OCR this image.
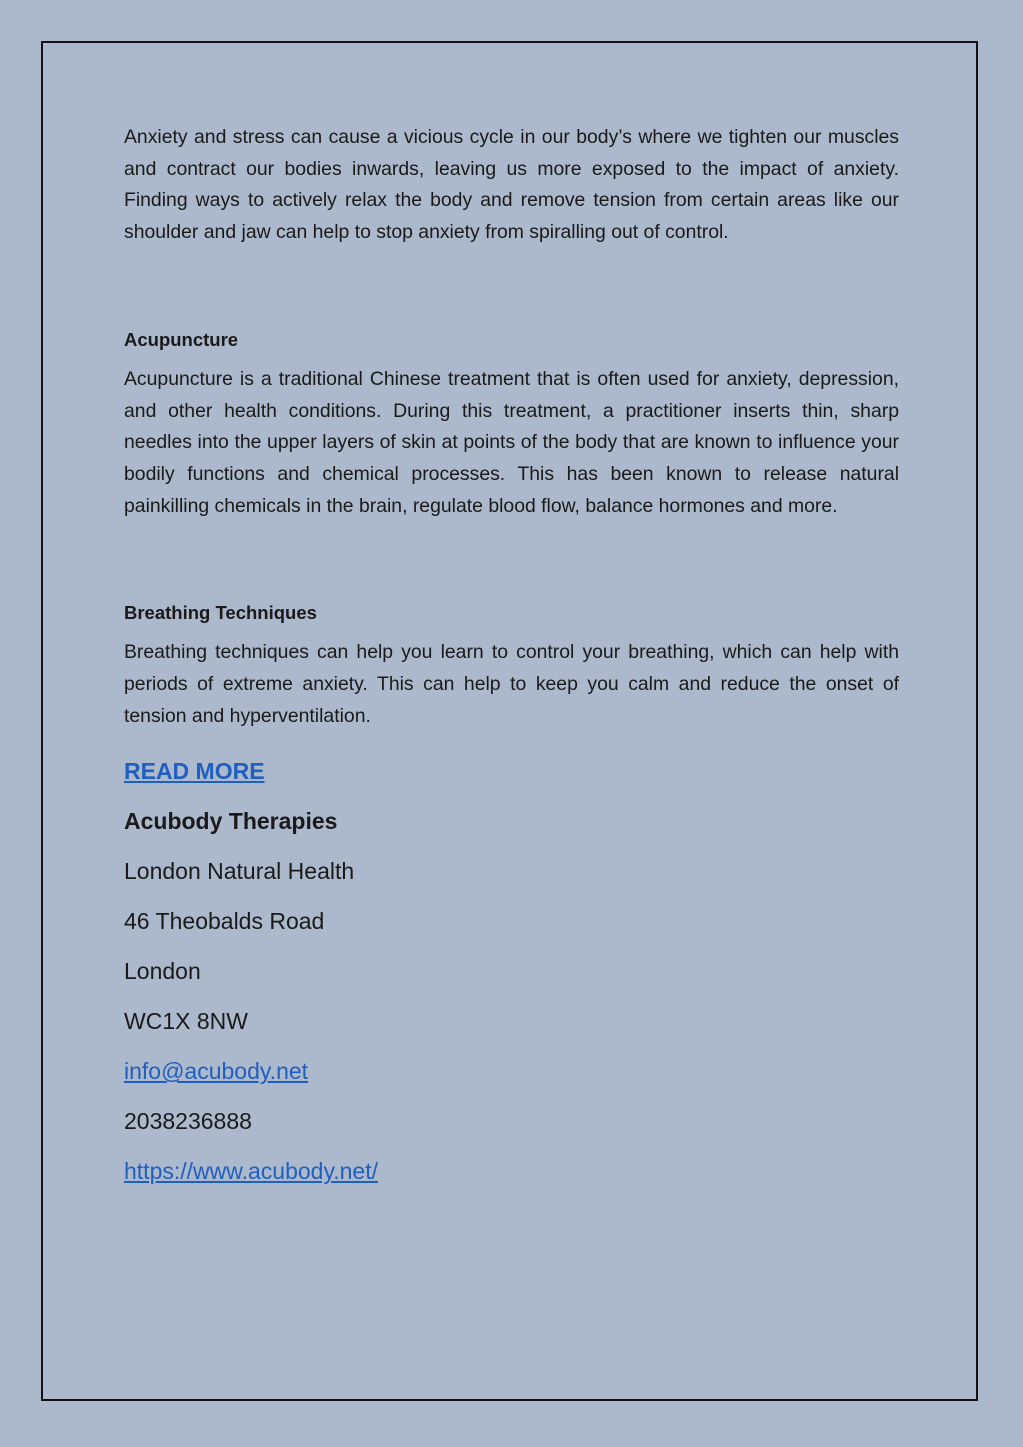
Anxiety and stress can cause a vicious cycle in our body’s where we tighten our muscles and contract our bodies inwards, leaving us more exposed to the impact of anxiety. Finding ways to actively relax the body and remove tension from certain areas like our shoulder and jaw can help to stop anxiety from spiralling out of control.

Acupuncture

Acupuncture is a traditional Chinese treatment that is often used for anxiety, depression, and other health conditions. During this treatment, a practitioner inserts thin, sharp needles into the upper layers of skin at points of the body that are known to influence your bodily functions and chemical processes. This has been known to release natural painkilling chemicals in the brain, regulate blood flow, balance hormones and more.

Breathing Techniques

Breathing techniques can help you learn to control your breathing, which can help with periods of extreme anxiety. This can help to keep you calm and reduce the onset of tension and hyperventilation.

READ MORE
Acubody Therapies
London Natural Health
46 Theobalds Road
London
WC1X 8NW
info@acubody.net
2038236888
https://www.acubody.net/
